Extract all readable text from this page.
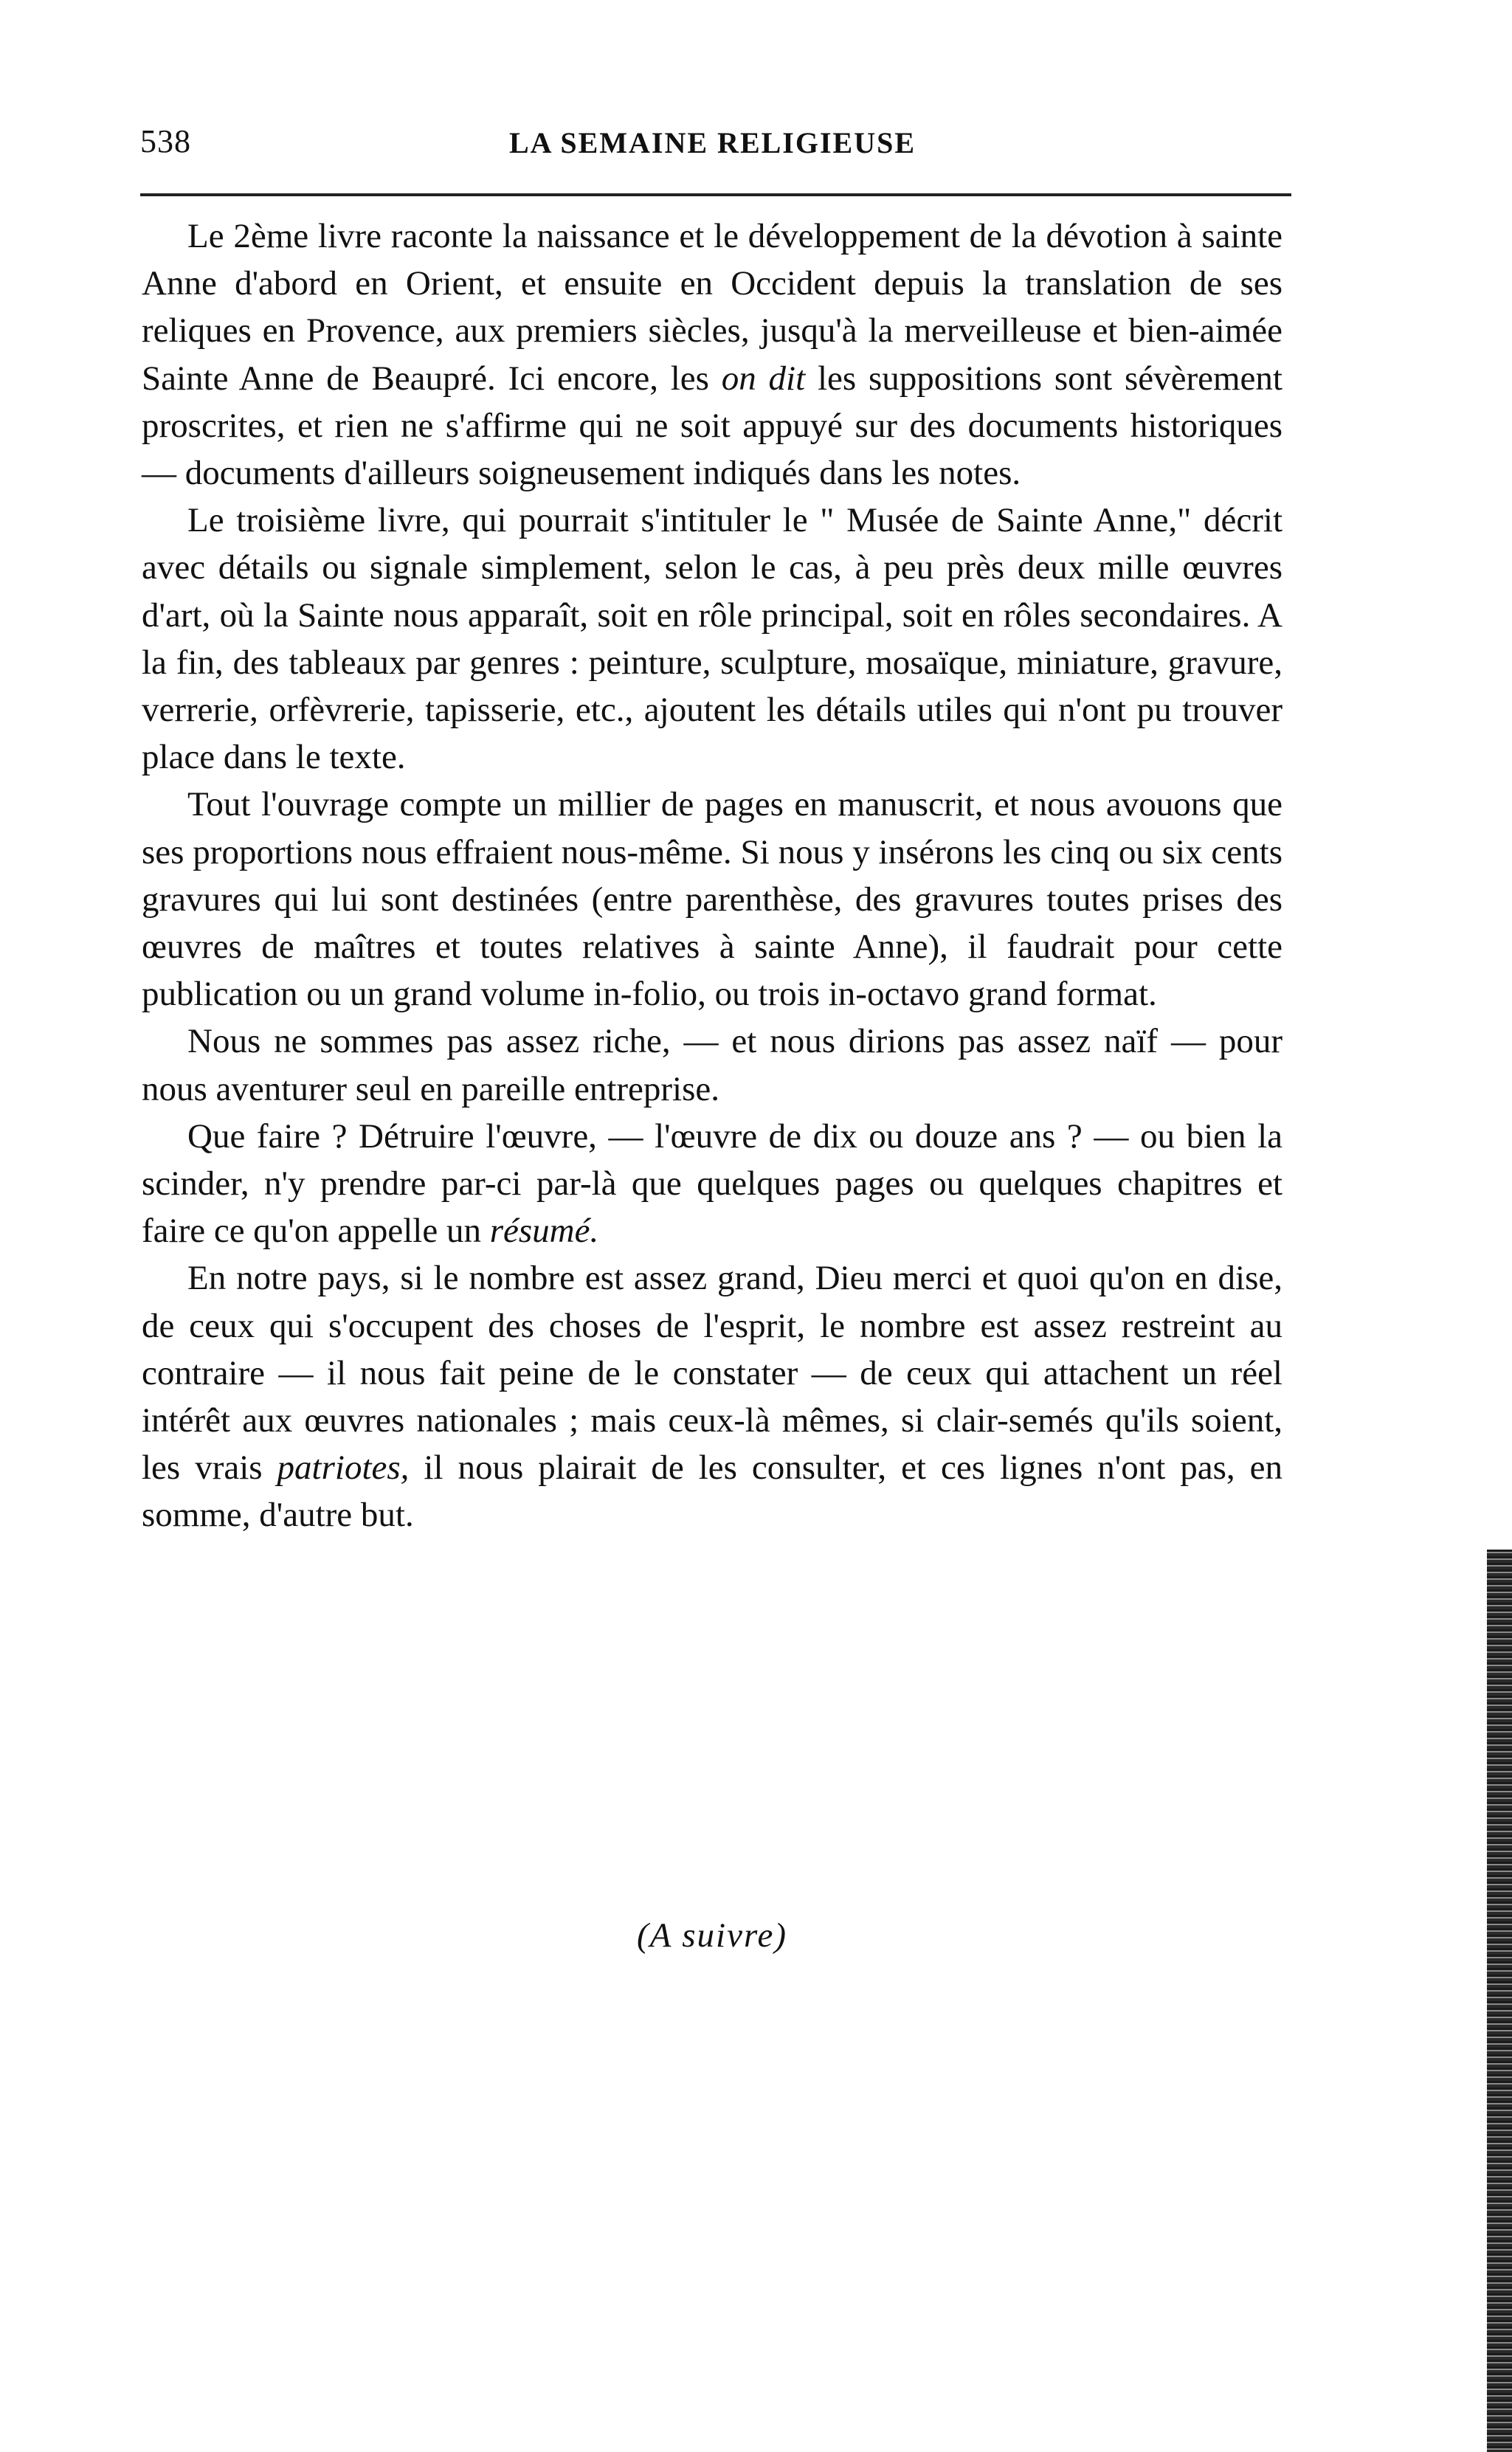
538	LA SEMAINE RELIGIEUSE

Le 2ème livre raconte la naissance et le développement de la dévotion à sainte Anne d'abord en Orient, et ensuite en Occident depuis la translation de ses reliques en Provence, aux premiers siècles, jusqu'à la merveilleuse et bien-aimée Sainte Anne de Beaupré. Ici encore, les on dit les suppositions sont sévèrement proscrites, et rien ne s'affirme qui ne soit appuyé sur des documents historiques — documents d'ailleurs soigneusement indiqués dans les notes.

Le troisième livre, qui pourrait s'intituler le " Musée de Sainte Anne," décrit avec détails ou signale simplement, selon le cas, à peu près deux mille œuvres d'art, où la Sainte nous apparaît, soit en rôle principal, soit en rôles secondaires. A la fin, des tableaux par genres : peinture, sculpture, mosaïque, miniature, gravure, verrerie, orfèvrerie, tapisserie, etc., ajoutent les détails utiles qui n'ont pu trouver place dans le texte.

Tout l'ouvrage compte un millier de pages en manuscrit, et nous avouons que ses proportions nous effraient nous-même. Si nous y insérons les cinq ou six cents gravures qui lui sont destinées (entre parenthèse, des gravures toutes prises des œuvres de maîtres et toutes relatives à sainte Anne), il faudrait pour cette publication ou un grand volume in-folio, ou trois in-octavo grand format.

Nous ne sommes pas assez riche, — et nous dirions pas assez naïf — pour nous aventurer seul en pareille entreprise.

Que faire ? Détruire l'œuvre, — l'œuvre de dix ou douze ans ? — ou bien la scinder, n'y prendre par-ci par-là que quelques pages ou quelques chapitres et faire ce qu'on appelle un résumé.

En notre pays, si le nombre est assez grand, Dieu merci et quoi qu'on en dise, de ceux qui s'occupent des choses de l'esprit, le nombre est assez restreint au contraire — il nous fait peine de le constater — de ceux qui attachent un réel intérêt aux œuvres nationales ; mais ceux-là mêmes, si clair-semés qu'ils soient, les vrais patriotes, il nous plairait de les consulter, et ces lignes n'ont pas, en somme, d'autre but.

(A suivre)
